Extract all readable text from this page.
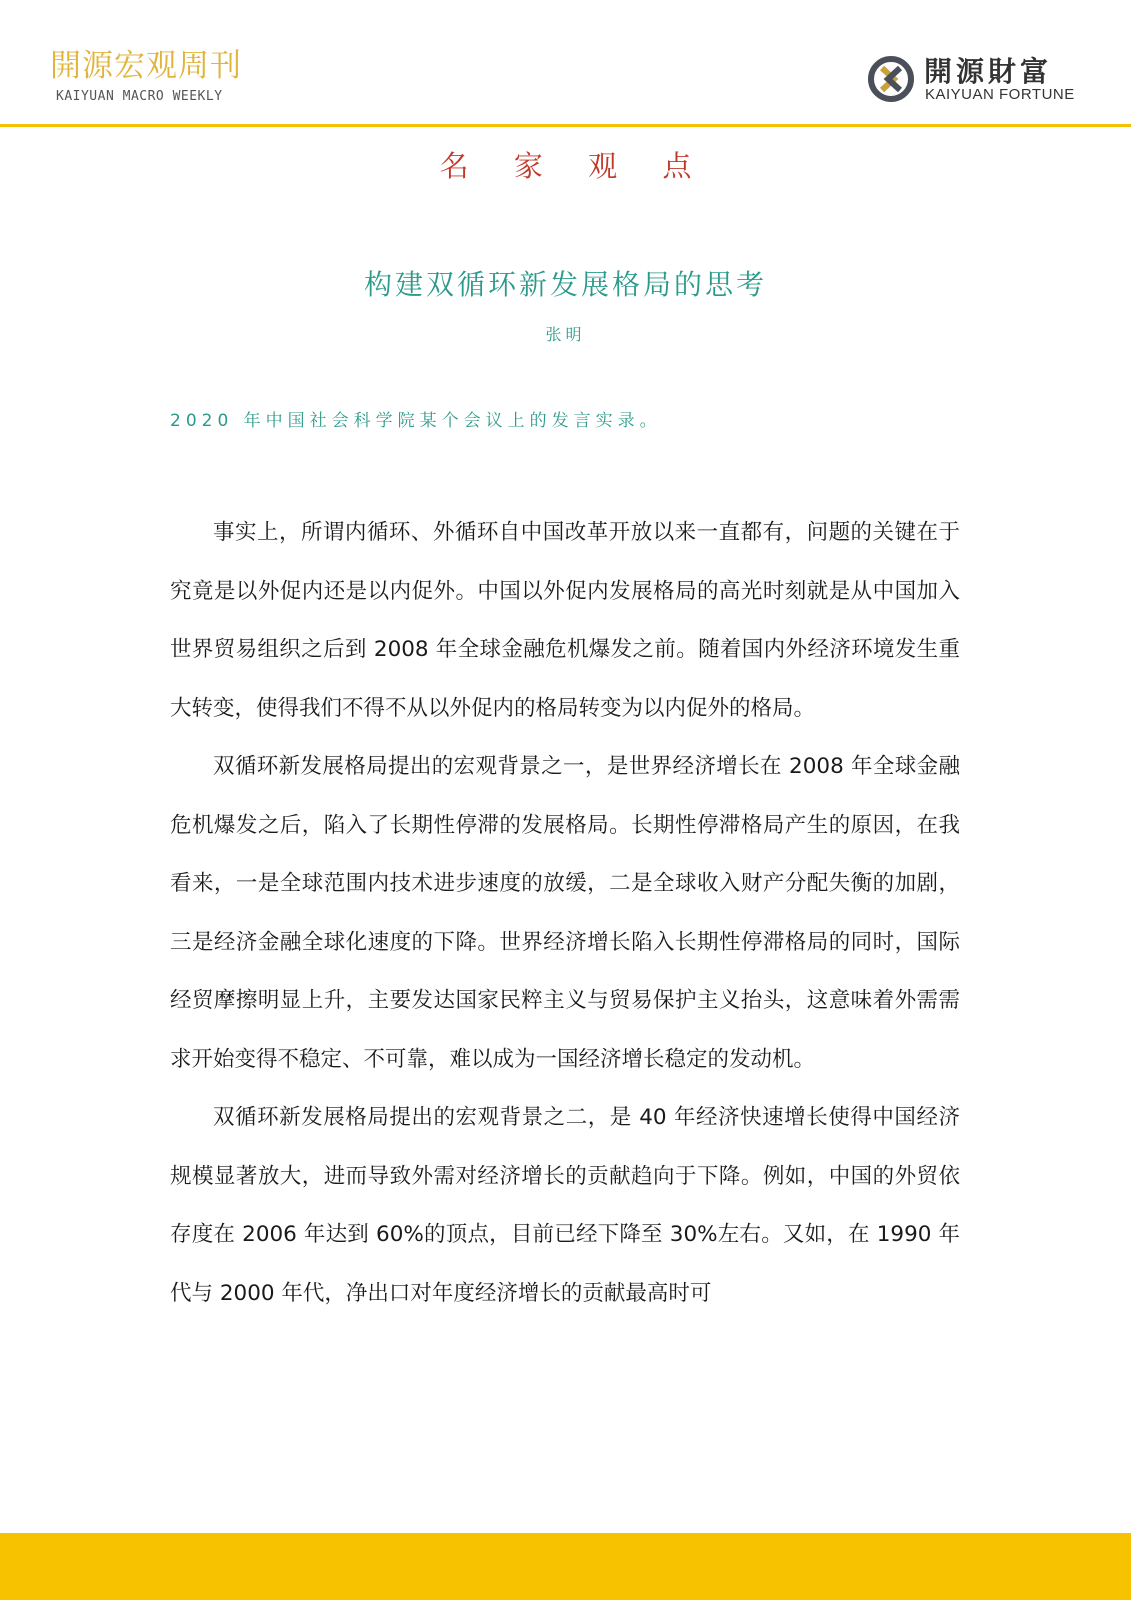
開源宏观周刊
KAIYUAN MACRO WEEKLY
開源財富
KAIYUAN FORTUNE
名 家 观 点
构建双循环新发展格局的思考
张明
2020 年中国社会科学院某个会议上的发言实录。

事实上，所谓内循环、外循环自中国改革开放以来一直都有，问题的关键在于究竟是以外促内还是以内促外。中国以外促内发展格局的高光时刻就是从中国加入世界贸易组织之后到 2008 年全球金融危机爆发之前。随着国内外经济环境发生重大转变，使得我们不得不从以外促内的格局转变为以内促外的格局。

双循环新发展格局提出的宏观背景之一，是世界经济增长在 2008 年全球金融危机爆发之后，陷入了长期性停滞的发展格局。长期性停滞格局产生的原因，在我看来，一是全球范围内技术进步速度的放缓，二是全球收入财产分配失衡的加剧，三是经济金融全球化速度的下降。世界经济增长陷入长期性停滞格局的同时，国际经贸摩擦明显上升，主要发达国家民粹主义与贸易保护主义抬头，这意味着外需需求开始变得不稳定、不可靠，难以成为一国经济增长稳定的发动机。

双循环新发展格局提出的宏观背景之二，是 40 年经济快速增长使得中国经济规模显著放大，进而导致外需对经济增长的贡献趋向于下降。例如，中国的外贸依存度在 2006 年达到 60%的顶点，目前已经下降至 30%左右。又如，在 1990 年代与 2000 年代，净出口对年度经济增长的贡献最高时可
